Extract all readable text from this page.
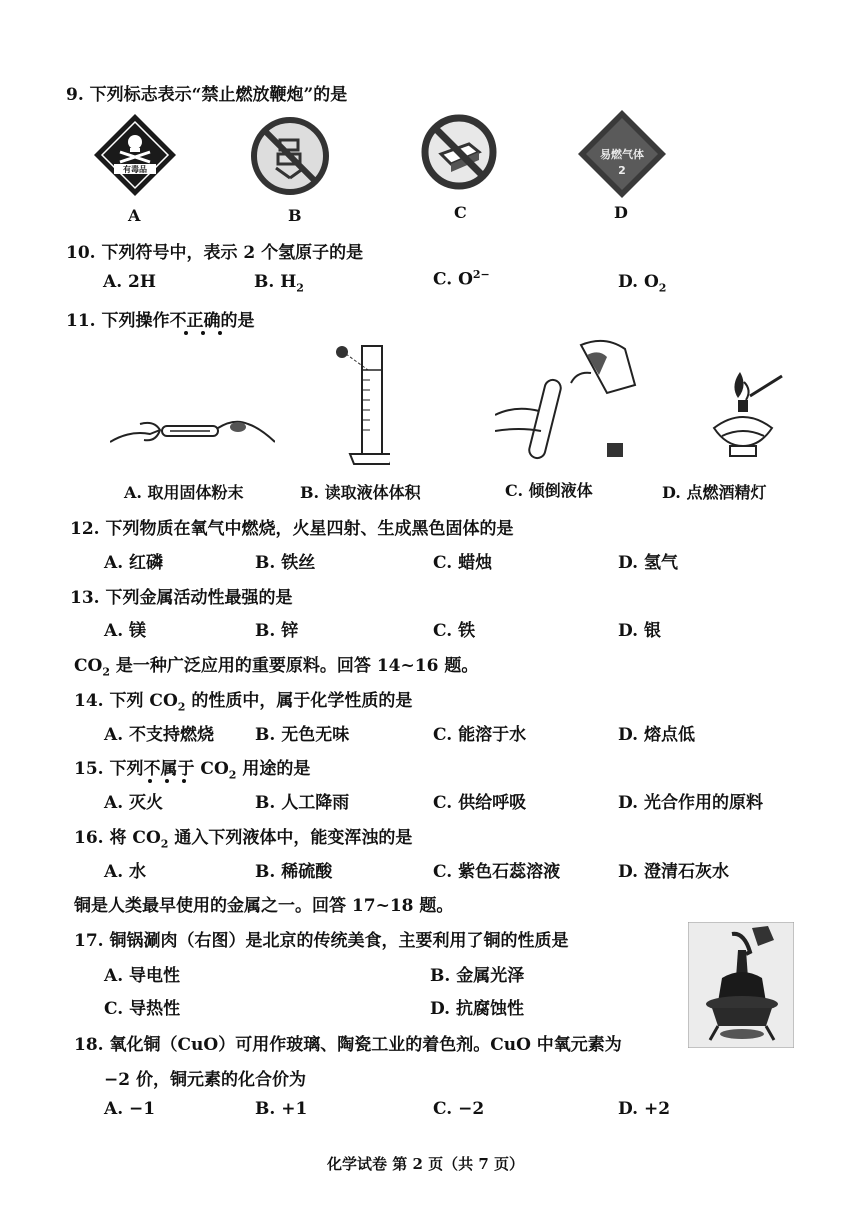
9. 下列标志表示“禁止燃放鞭炮”的是
有毒品
A	B	C
易燃气体
2
D
10. 下列符号中，表示 2 个氢原子的是
A. 2H	B. $H_2$	C. $O^{2-}$	D. $O_2$
11. 下列操作不正确的是
A. 取用固体粉末	B. 读取液体体积	C. 倾倒液体	D. 点燃酒精灯
12. 下列物质在氧气中燃烧，火星四射、生成黑色固体的是
A. 红磷	B. 铁丝	C. 蜡烛	D. 氢气
13. 下列金属活动性最强的是
A. 镁	B. 锌	C. 铁	D. 银
$CO_2$ 是一种广泛应用的重要原料。回答 14~16 题。
14. 下列 $CO_2$ 的性质中，属于化学性质的是
A. 不支持燃烧 B. 无色无味	C. 能溶于水	D. 熔点低
15. 下列不属于 $CO_2$ 用途的是
A. 灭火	B. 人工降雨	C. 供给呼吸	D. 光合作用的原料
16. 将 $CO_2$ 通入下列液体中，能变浑浊的是
A. 水	B. 稀硫酸	C. 紫色石蕊溶液	D. 澄清石灰水
铜是人类最早使用的金属之一。回答 17~18 题。
17. 铜锅涮肉（右图）是北京的传统美食，主要利用了铜的性质是
A. 导电性	B. 金属光泽
C. 导热性	D. 抗腐蚀性
18. 氧化铜（CuO）可用作玻璃、陶瓷工业的着色剂。CuO 中氧元素为
−2 价，铜元素的化合价为
A. −1	B. +1	C. −2	D. +2
化学试卷 第 2 页（共 7 页）
